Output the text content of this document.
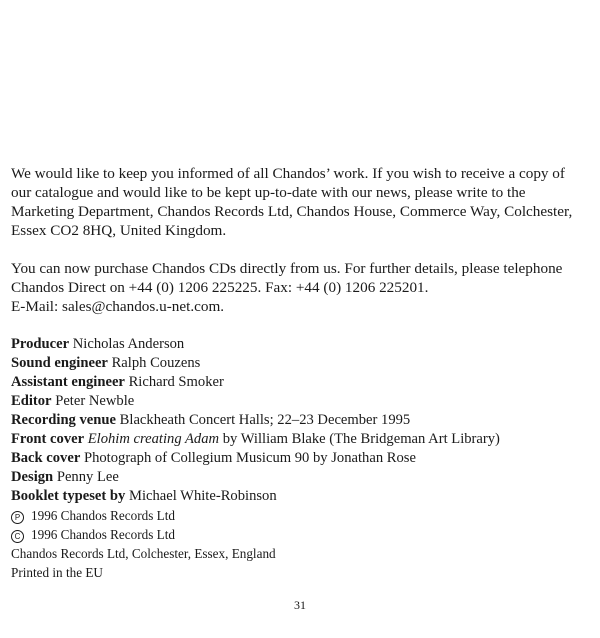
We would like to keep you informed of all Chandos’ work. If you wish to receive a copy of
our catalogue and would like to be kept up-to-date with our news, please write to the
Marketing Department, Chandos Records Ltd, Chandos House, Commerce Way, Colchester,
Essex CO2 8HQ, United Kingdom.

You can now purchase Chandos CDs directly from us. For further details, please telephone
Chandos Direct on +44 (0) 1206 225225. Fax: +44 (0) 1206 225201.
E-Mail: sales@chandos.u-net.com.

Producer Nicholas Anderson
Sound engineer Ralph Couzens
Assistant engineer Richard Smoker
Editor Peter Newble
Recording venue Blackheath Concert Halls; 22–23 December 1995
Front cover Elohim creating Adam by William Blake (The Bridgeman Art Library)
Back cover Photograph of Collegium Musicum 90 by Jonathan Rose
Design Penny Lee
Booklet typeset by Michael White-Robinson
P 1996 Chandos Records Ltd
C 1996 Chandos Records Ltd
Chandos Records Ltd, Colchester, Essex, England
Printed in the EU
31
